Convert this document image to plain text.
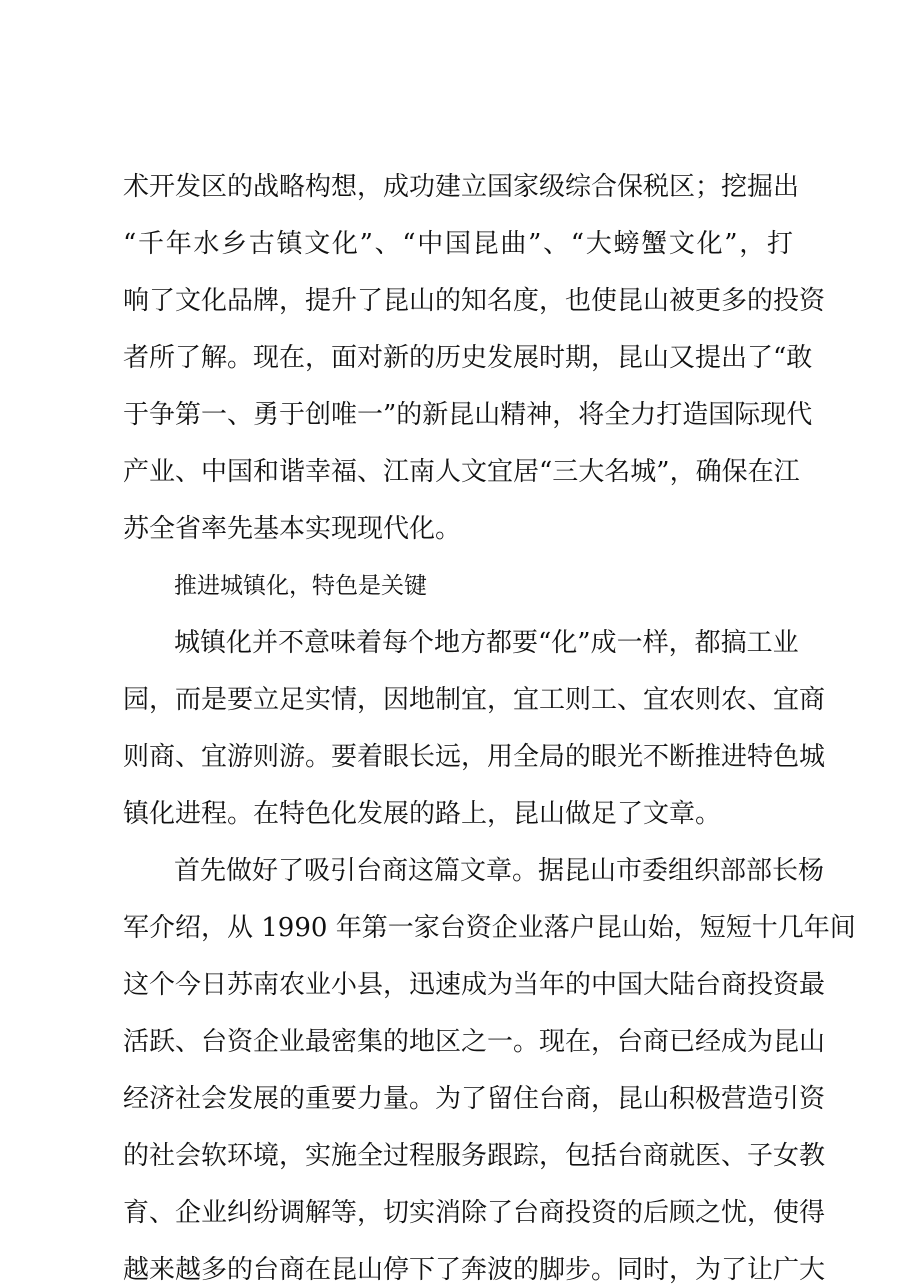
术开发区的战略构想，成功建立国家级综合保税区；挖掘出
“千年水乡古镇文化”、“中国昆曲”、“大螃蟹文化”，打
响了文化品牌，提升了昆山的知名度，也使昆山被更多的投资
者所了解。现在，面对新的历史发展时期，昆山又提出了“敢
于争第一、勇于创唯一”的新昆山精神，将全力打造国际现代
产业、中国和谐幸福、江南人文宜居“三大名城”，确保在江
苏全省率先基本实现现代化。
推进城镇化，特色是关键
城镇化并不意味着每个地方都要“化”成一样，都搞工业
园，而是要立足实情，因地制宜，宜工则工、宜农则农、宜商
则商、宜游则游。要着眼长远，用全局的眼光不断推进特色城
镇化进程。在特色化发展的路上，昆山做足了文章。
首先做好了吸引台商这篇文章。据昆山市委组织部部长杨
军介绍，从 1990 年第一家台资企业落户昆山始，短短十几年间
这个今日苏南农业小县，迅速成为当年的中国大陆台商投资最
活跃、台资企业最密集的地区之一。现在，台商已经成为昆山
经济社会发展的重要力量。为了留住台商，昆山积极营造引资
的社会软环境，实施全过程服务跟踪，包括台商就医、子女教
育、企业纠纷调解等，切实消除了台商投资的后顾之忧，使得
越来越多的台商在昆山停下了奔波的脚步。同时，为了让广大
